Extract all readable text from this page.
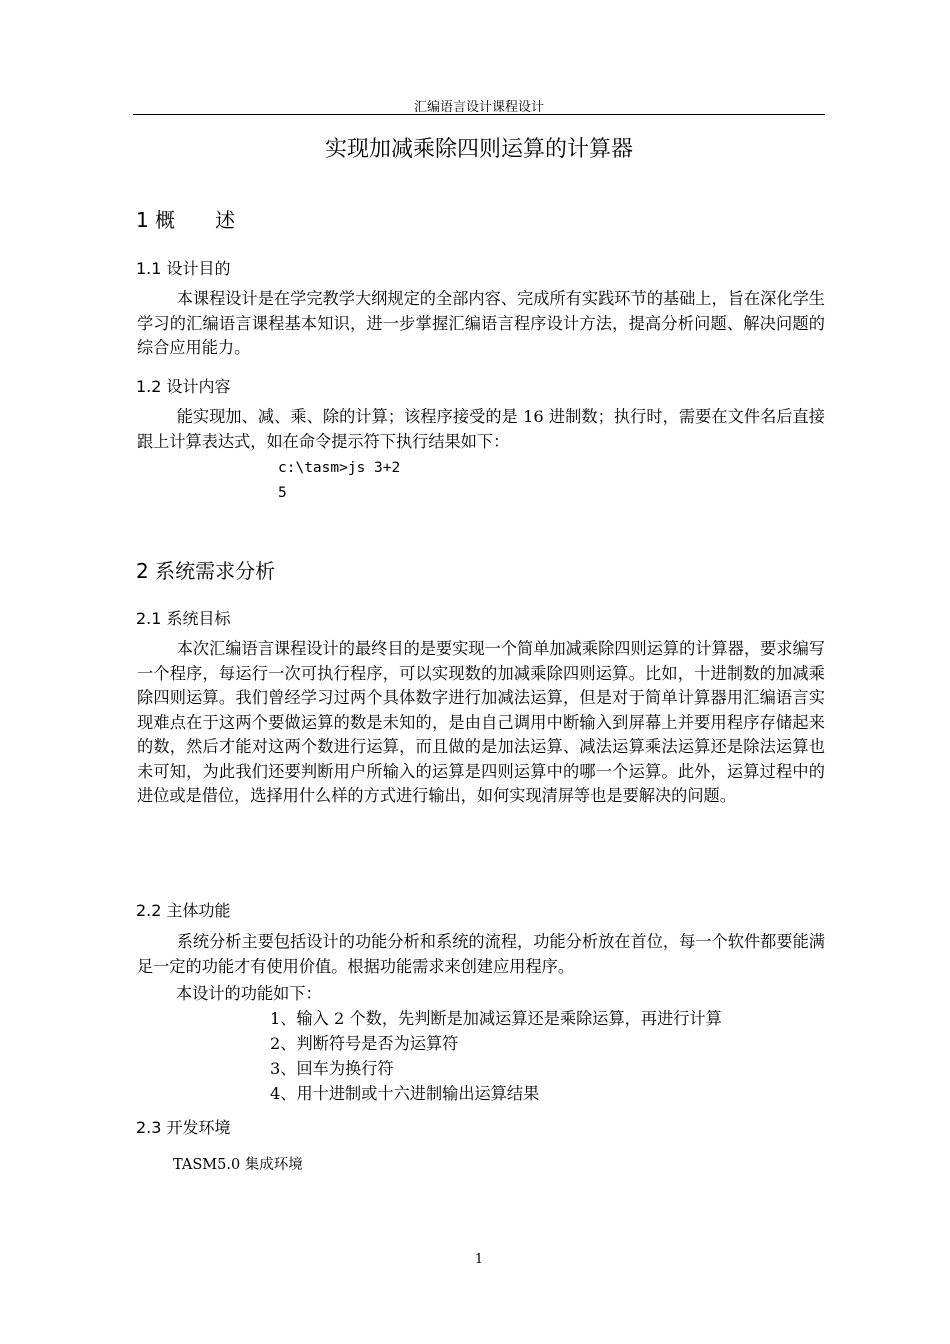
汇编语言设计课程设计
实现加减乘除四则运算的计算器
1 概　　述
1.1 设计目的

本课程设计是在学完教学大纲规定的全部内容、完成所有实践环节的基础上，旨在深化学生学习的汇编语言课程基本知识，进一步掌握汇编语言程序设计方法，提高分析问题、解决问题的综合应用能力。

1.2 设计内容

能实现加、减、乘、除的计算；该程序接受的是 16 进制数；执行时，需要在文件名后直接跟上计算表达式，如在命令提示符下执行结果如下：

c:\tasm>js 3+2
5
2 系统需求分析
2.1 系统目标

本次汇编语言课程设计的最终目的是要实现一个简单加减乘除四则运算的计算器，要求编写一个程序，每运行一次可执行程序，可以实现数的加减乘除四则运算。比如，十进制数的加减乘除四则运算。我们曾经学习过两个具体数字进行加减法运算，但是对于简单计算器用汇编语言实现难点在于这两个要做运算的数是未知的，是由自己调用中断输入到屏幕上并要用程序存储起来的数，然后才能对这两个数进行运算，而且做的是加法运算、减法运算乘法运算还是除法运算也未可知，为此我们还要判断用户所输入的运算是四则运算中的哪一个运算。此外，运算过程中的进位或是借位，选择用什么样的方式进行输出，如何实现清屏等也是要解决的问题。

2.2 主体功能

系统分析主要包括设计的功能分析和系统的流程，功能分析放在首位，每一个软件都要能满足一定的功能才有使用价值。根据功能需求来创建应用程序。

本设计的功能如下：
1、输入 2 个数，先判断是加减运算还是乘除运算，再进行计算
2、判断符号是否为运算符
3、回车为换行符
4、用十进制或十六进制输出运算结果
2.3 开发环境
TASM5.0 集成环境
1
